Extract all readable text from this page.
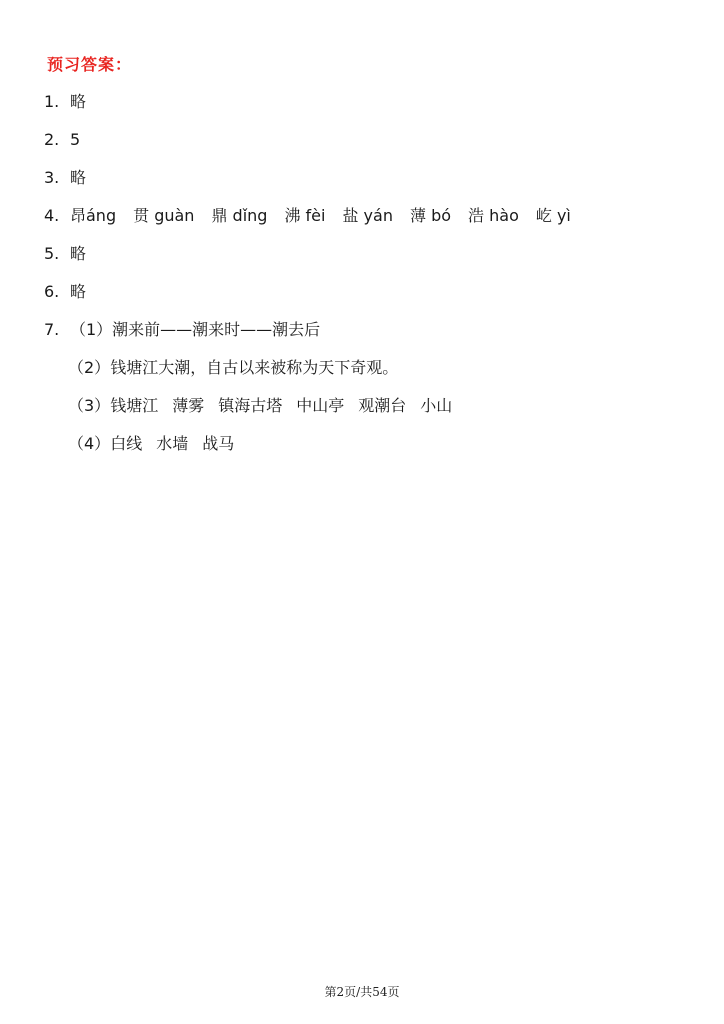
预习答案：
1. 略
2. 5
3. 略
4. 昂áng 贯 guàn 鼎 dǐng 沸 fèi 盐 yán 薄 bó 浩 hào 屹 yì
5. 略
6. 略
7. （1）潮来前——潮来时——潮去后
（2）钱塘江大潮，自古以来被称为天下奇观。
（3）钱塘江 薄雾 镇海古塔 中山亭 观潮台 小山
（4）白线 水墙 战马
第2页/共54页
